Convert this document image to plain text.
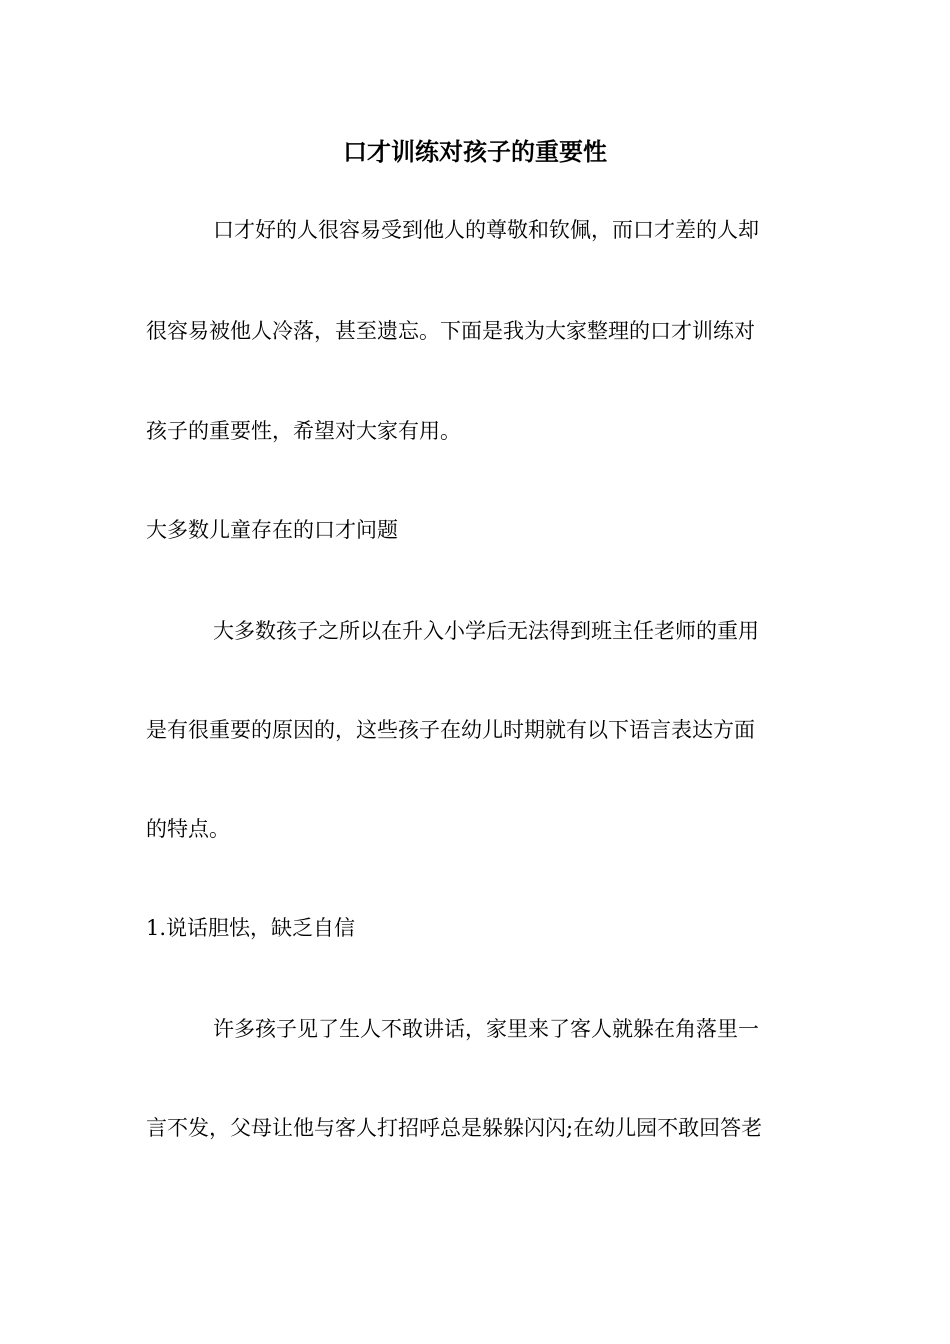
口才训练对孩子的重要性

口才好的人很容易受到他人的尊敬和钦佩，而口才差的人却

很容易被他人冷落，甚至遗忘。下面是我为大家整理的口才训练对

孩子的重要性，希望对大家有用。

大多数儿童存在的口才问题

大多数孩子之所以在升入小学后无法得到班主任老师的重用

是有很重要的原因的，这些孩子在幼儿时期就有以下语言表达方面

的特点。

1.说话胆怯，缺乏自信

许多孩子见了生人不敢讲话，家里来了客人就躲在角落里一

言不发，父母让他与客人打招呼总是躲躲闪闪;在幼儿园不敢回答老
